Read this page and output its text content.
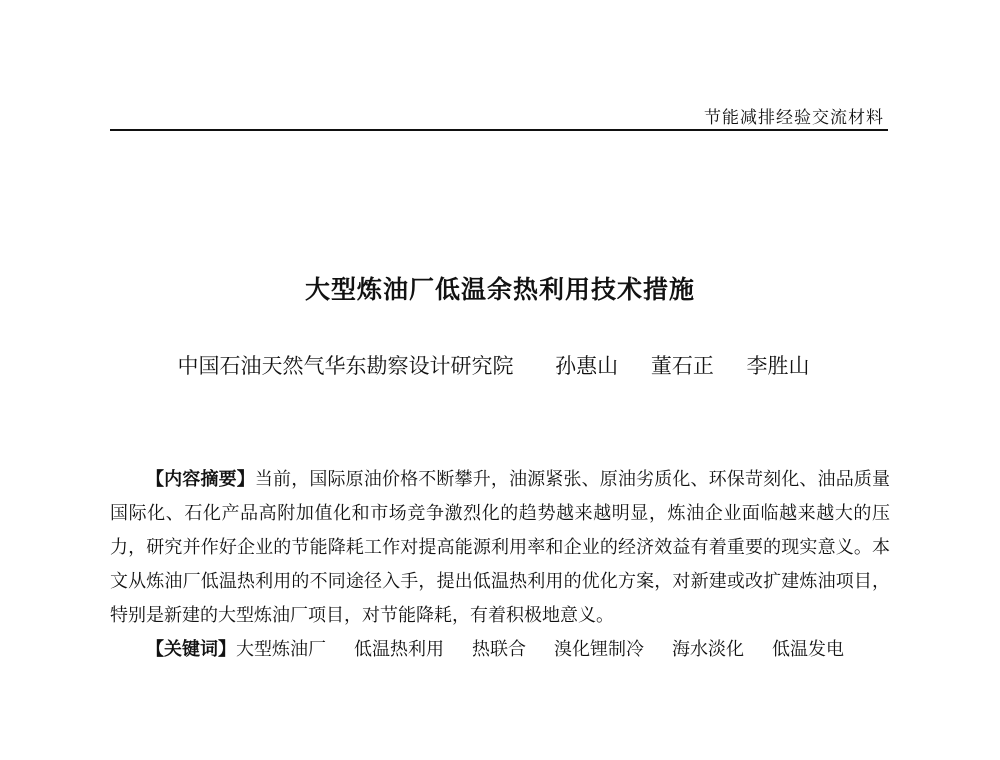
节能减排经验交流材料
大型炼油厂低温余热利用技术措施
中国石油天然气华东勘察设计研究院 孙惠山 董石正 李胜山

【内容摘要】当前，国际原油价格不断攀升，油源紧张、原油劣质化、环保苛刻化、油品质量国际化、石化产品高附加值化和市场竞争激烈化的趋势越来越明显，炼油企业面临越来越大的压力，研究并作好企业的节能降耗工作对提高能源利用率和企业的经济效益有着重要的现实意义。本文从炼油厂低温热利用的不同途径入手，提出低温热利用的优化方案，对新建或改扩建炼油项目，特别是新建的大型炼油厂项目，对节能降耗，有着积极地意义。

【关键词】大型炼油厂 低温热利用 热联合 溴化锂制冷 海水淡化 低温发电
